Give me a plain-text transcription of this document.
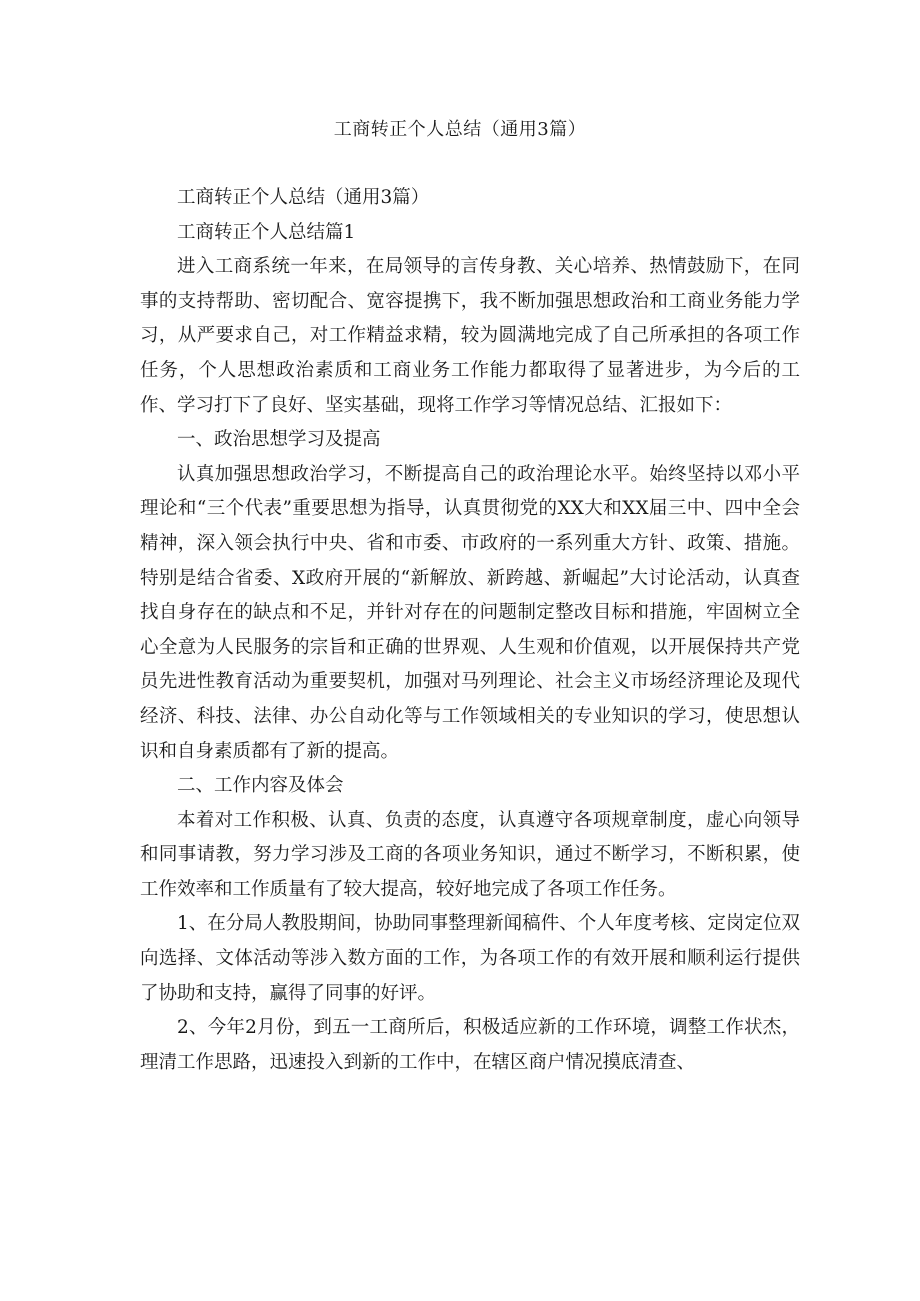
工商转正个人总结（通用3篇）

工商转正个人总结（通用3篇）

工商转正个人总结篇1

进入工商系统一年来，在局领导的言传身教、关心培养、热情鼓励下，在同事的支持帮助、密切配合、宽容提携下，我不断加强思想政治和工商业务能力学习，从严要求自己，对工作精益求精，较为圆满地完成了自己所承担的各项工作任务，个人思想政治素质和工商业务工作能力都取得了显著进步，为今后的工作、学习打下了良好、坚实基础，现将工作学习等情况总结、汇报如下：

一、政治思想学习及提高

认真加强思想政治学习，不断提高自己的政治理论水平。始终坚持以邓小平理论和“三个代表”重要思想为指导，认真贯彻党的XX大和XX届三中、四中全会精神，深入领会执行中央、省和市委、市政府的一系列重大方针、政策、措施。特别是结合省委、X政府开展的“新解放、新跨越、新崛起”大讨论活动，认真查找自身存在的缺点和不足，并针对存在的问题制定整改目标和措施，牢固树立全心全意为人民服务的宗旨和正确的世界观、人生观和价值观，以开展保持共产党员先进性教育活动为重要契机，加强对马列理论、社会主义市场经济理论及现代经济、科技、法律、办公自动化等与工作领域相关的专业知识的学习，使思想认识和自身素质都有了新的提高。

二、工作内容及体会

本着对工作积极、认真、负责的态度，认真遵守各项规章制度，虚心向领导和同事请教，努力学习涉及工商的各项业务知识，通过不断学习，不断积累，使工作效率和工作质量有了较大提高，较好地完成了各项工作任务。

1、在分局人教股期间，协助同事整理新闻稿件、个人年度考核、定岗定位双向选择、文体活动等涉入数方面的工作，为各项工作的有效开展和顺利运行提供了协助和支持，赢得了同事的好评。

2、今年2月份，到五一工商所后，积极适应新的工作环境，调整工作状杰，理清工作思路，迅速投入到新的工作中，在辖区商户情况摸底清查、
